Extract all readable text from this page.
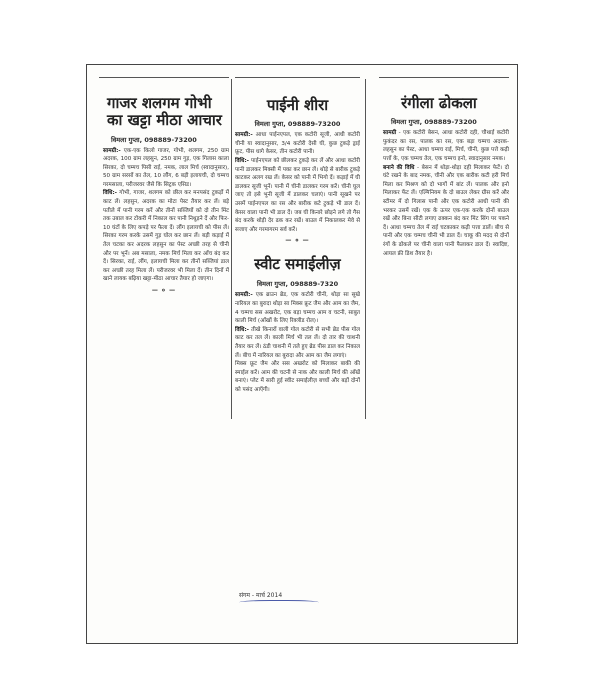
गाजर शलगम गोभी का खट्टा मीठा आचार
विमला गुप्ता, 098889-73200

सामग्री:- एक-एक किलो गाजर, गोभी, शलगम, 250 ग्राम अदरक, 100 ग्राम लहसुन, 250 ग्राम गुड़, एक गिलास काला सिरका, दो चम्मच पिसी राई, नमक, लाल मिर्च (स्वादानुसार), 50 ग्राम सरसों का तेल, 10 लौंग, 6 बड़ी इलायची, दो चम्मच गरमसाला, परीजरवर जैसे कि सिट्रक एसिड।

विधि:- गोभी, गाजर, शलगम को छील कर मनपसंद टुकड़ों में काट लें। लहसुन, अदरक का मोटा पेस्ट तैयार कर लें। बड़े पतीले में पानी गरम करें और तीनों सब्जियों को दो तीन मिंट तक उबाल कर टोकरी में निकाल कर पानी निथुड़ने दें और फिर- 10 घंटों के लिए कपड़े पर फैला दें। लौंग इलायची को पीस लें। सिरका गरम करके उसमें गुड़ घोल कर छान लें। बड़ी कड़ाई में तेल चटका कर अदरक लहसुन का पेस्ट अच्छी तरह से चीनी और पर भूनें। अब मसाला, नमक मिर्च मिला कर आँच बंद कर दें। सिरका, राई, लौंग, इलायची मिला कर तीनों सब्जियां डाल कर अच्छी तरह मिला लें। परीजरवर भी मिला दें। तीन दिनों में खाने लायक बढ़िया खट्टा-मीठा आचार तैयार हो जाएगा।

— ० —
पाईनी शीरा
विमला गुप्ता, 098889-73200

सामग्री:- आधा पाईनएपल, एक कटोरी सूजी, आधी कटोरी चीनी या स्वादानुसार, 3/4 कटोरी देसी घी, कुछ टुकड़े ड्राई फ्रूट, पीस धागे केसर, तीन कटोरी पानी।

विधि:- पाईनएपल को छीलकर टुकड़े कर लें और आधा कटोरी पानी डालकर मिक्सी में पका कर छान लें। थोड़े से बारीक टुकड़े काटकर अलग रख लें। केसर को पानी में भिगो दें। कड़ाई में घी डालकर सूजी भूनें। पानी में चीनी डालकर गरम करें। चीनी घुल जाए तो इसे भुनी सूजी में डालकर चलाएं। पानी सूखने पर उसमें पाईनएपल का रस और बारीक कटे टुकड़े भी डाल दें। केसर वाला पानी भी डाल दें। जब घी किनारे छोड़ने लगे तो गैस बंद करके थोड़ी देर ढक कर रखें। बाउल में निकालकर मेवे से सजाए और गरमागरम सर्व करें।

— ० —
स्वीट समाईलीज़
विमला गुप्ता, 098889-7320

सामग्री:- एक ब्राउन ब्रेड, एक कटोरी चीनी, थोड़ा सा सूखे नारियल का बुरादा थोड़ा सा मिक्स फ्रूट जैम और आम का जैम, 4 चम्मच सस अखरोट, एक बड़ा चम्मच आम व चटनी, साबुत काली मिर्च (आँखों के लिए रिक्त्रीड रोल)।

विधि:- तीखे किनारों वाली गोल कटोरी से सभी ब्रेड पीस गोल काट कर तल लें। काली मिर्च भी तल लें। दो तार की चाशनी तैयार कर लें। ठंडी चाशनी में तले हुए ब्रेड पीस डाल कर निकाल लें। बीच में नारियल का बुरादा और आम का जैम लगाएं।

मिक्स फ्रूट जैम और सस अखरोट को मिलाकर बाकी की स्माईल करें। आम की चटनी से नाक और काली मिर्च की आँखें बनाएं। प्लेट में सारी हुई स्वीट समाईलीज़ बच्चों और बड़ों दोनों को पसंद आएँगी।

रंगीला ढोकला
विमला गुप्ता, 098889-73200

सामग्री - एक कटोरी बेसन, आधा कटोरी दही, चौथाई कटोरी फुकंदर का रस, पालक का रस, एक बड़ा चम्मच अदरक- लहसुन का पेस्ट, आधा चम्मच राई, मिर्च, चीनी, कुछ पत्ते कढ़ी पत्तों के, एक चम्मच तेल, एक चम्मच इनो, स्वादानुसार नमक।

बनाने की विधि - बेसन में थोड़ा-थोड़ा दही मिलाकर फेटें। दो घंटे रखने के बाद नमक, चीनी और एक बारीक कटी हरी मिर्च मिला कर मिश्रण को दो भागों में बांट लें। पालक और इनो मिलाकर फेंट लें। एल्मिनियम के दो बाउल लेकर ग्रीस करें और स्टीमर में दो गिलास पानी और एक कटोरी आधी पानी की भरकर उसमें रखें। एक के ऊपर एक-एक करके दोनों बाउल रखें और बिना सीटी लगाए ढक्कन बंद कर मिंट सिंग पर पकने दें। आधा चम्मच तेल में राई चटकाकर कढ़ी पत्ता डालें। बीच से पानी और एक चम्मच चीनी भी डाल दें। चाकू की मदद से दोनों रंगों के ढोकले पर चीनी वाला पानी फैलाकर डाल दें। स्वादिष्ट, आयल फ्री डिश तैयार है।

संगम - मार्च 2014
